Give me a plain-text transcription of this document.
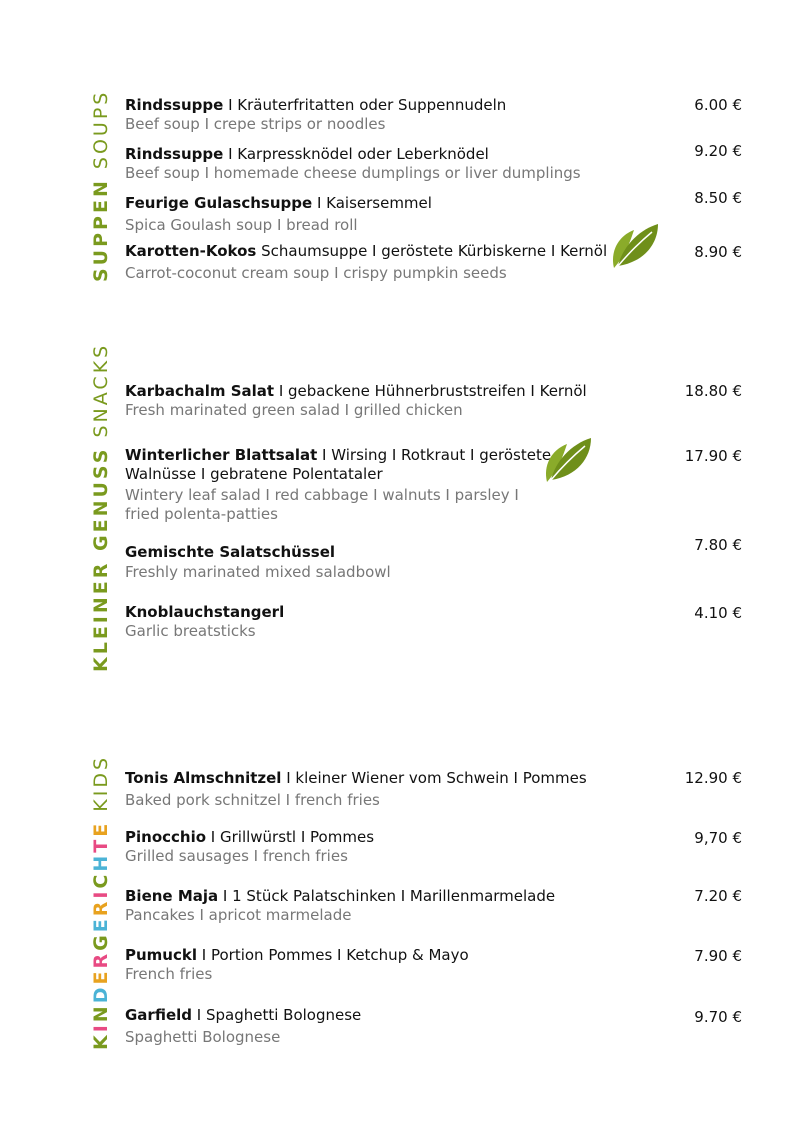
SUPPEN SOUPS Rindssuppe I Kräuterfritatten oder Suppennudeln
Beef soup I crepe strips or noodles
6.00 €
Rindssuppe I Karpressknödel oder Leberknödel
Beef soup I homemade cheese dumplings or liver dumplings
9.20 €
Feurige Gulaschsuppe I Kaisersemmel
Spica Goulash soup I bread roll
8.50 €
Karotten-Kokos Schaumsuppe I geröstete Kürbiskerne I Kernöl
Carrot-coconut cream soup I crispy pumpkin seeds
8.90 €
KLEINER GENUSS SNACKS Karbachalm Salat I gebackene Hühnerbruststreifen I Kernöl
Fresh marinated green salad I grilled chicken
18.80 €
Winterlicher Blattsalat I Wirsing I Rotkraut I geröstete
Walnüsse I gebratene Polentataler
Wintery leaf salad I red cabbage I walnuts I parsley I
fried polenta-patties
17.90 €
Gemischte Salatschüssel
Freshly marinated mixed saladbowl
7.80 €
Knoblauchstangerl
Garlic breatsticks
4.10 €
KINDERGERICHTE KIDS Tonis Almschnitzel I kleiner Wiener vom Schwein I Pommes
Baked pork schnitzel I french fries
12.90 €
Pinocchio I Grillwürstl I Pommes
Grilled sausages I french fries
9,70 €
Biene Maja I 1 Stück Palatschinken I Marillenmarmelade
Pancakes I apricot marmelade
7.20 €
Pumuckl I Portion Pommes I Ketchup & Mayo
French fries
7.90 €
Garfield I Spaghetti Bolognese
Spaghetti Bolognese
9.70 €
